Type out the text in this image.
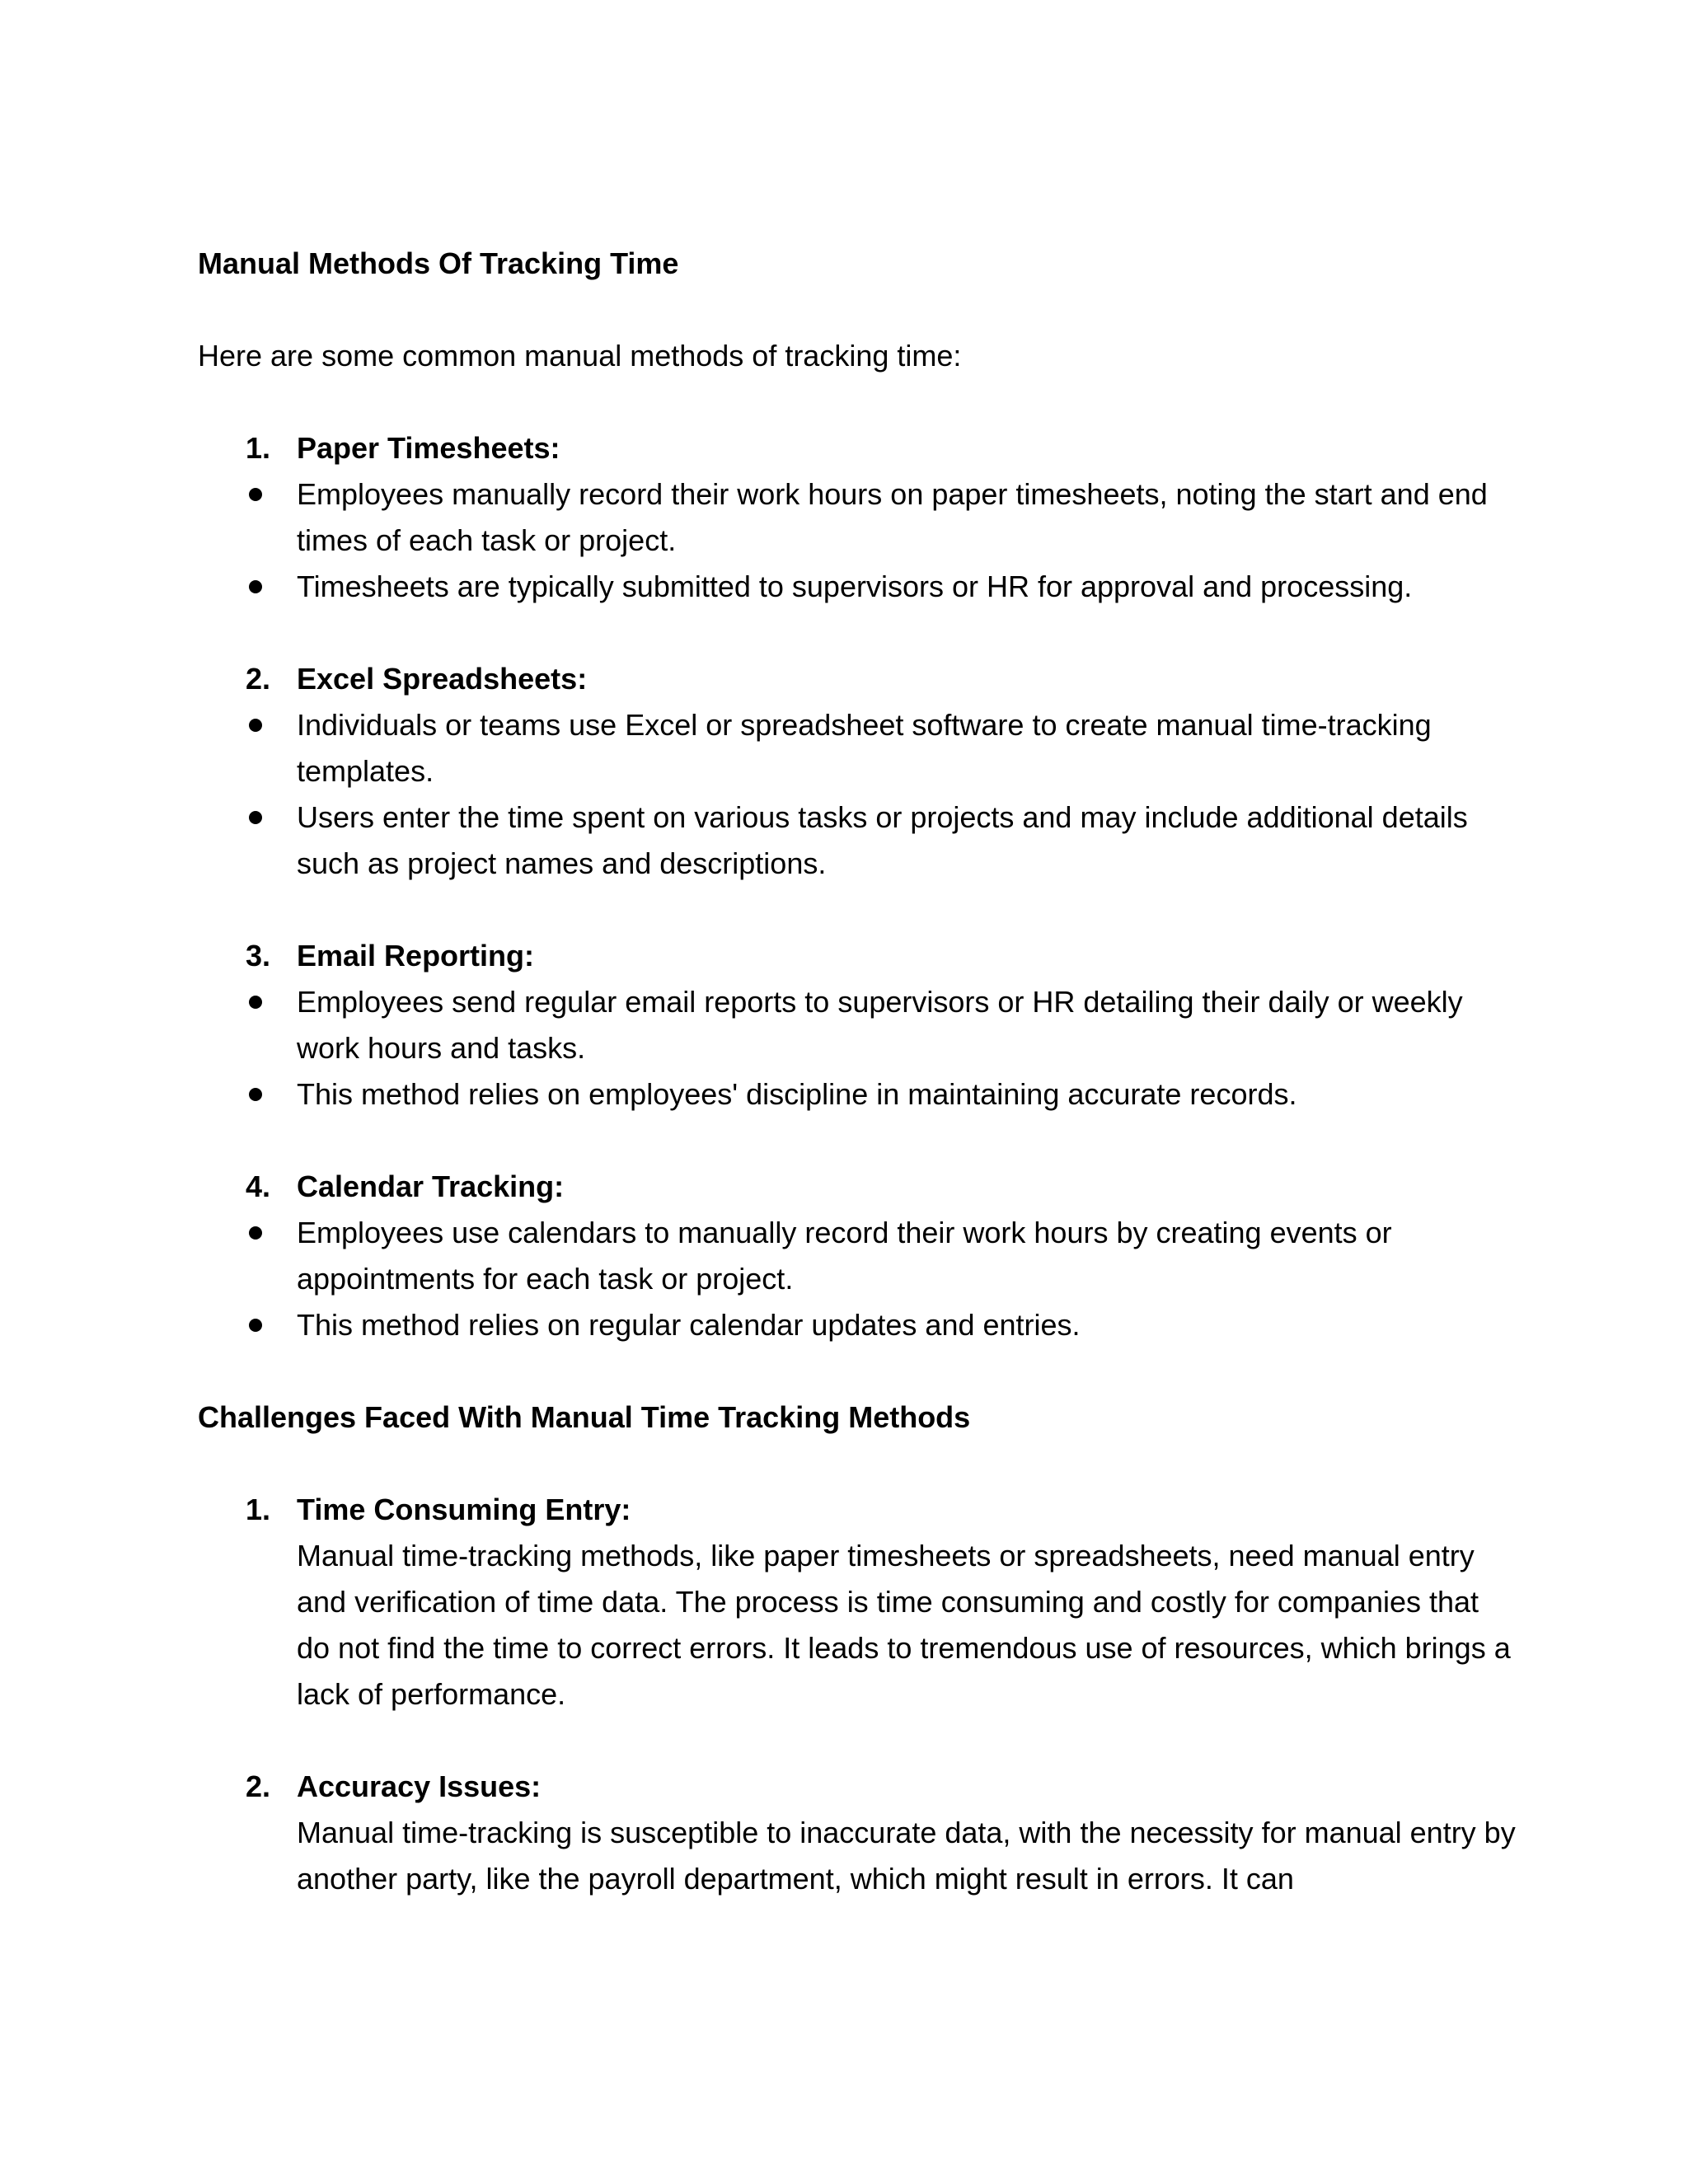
Manual Methods Of Tracking Time
Here are some common manual methods of tracking time:
1. Paper Timesheets:
Employees manually record their work hours on paper timesheets, noting the start and end times of each task or project.
Timesheets are typically submitted to supervisors or HR for approval and processing.
2. Excel Spreadsheets:
Individuals or teams use Excel or spreadsheet software to create manual time-tracking templates.
Users enter the time spent on various tasks or projects and may include additional details such as project names and descriptions.
3. Email Reporting:
Employees send regular email reports to supervisors or HR detailing their daily or weekly work hours and tasks.
This method relies on employees' discipline in maintaining accurate records.
4. Calendar Tracking:
Employees use calendars to manually record their work hours by creating events or appointments for each task or project.
This method relies on regular calendar updates and entries.
Challenges Faced With Manual Time Tracking Methods
1. Time Consuming Entry:
Manual time-tracking methods, like paper timesheets or spreadsheets, need manual entry and verification of time data. The process is time consuming and costly for companies that do not find the time to correct errors. It leads to tremendous use of resources, which brings a lack of performance.
2. Accuracy Issues:
Manual time-tracking is susceptible to inaccurate data, with the necessity for manual entry by another party, like the payroll department, which might result in errors. It can
